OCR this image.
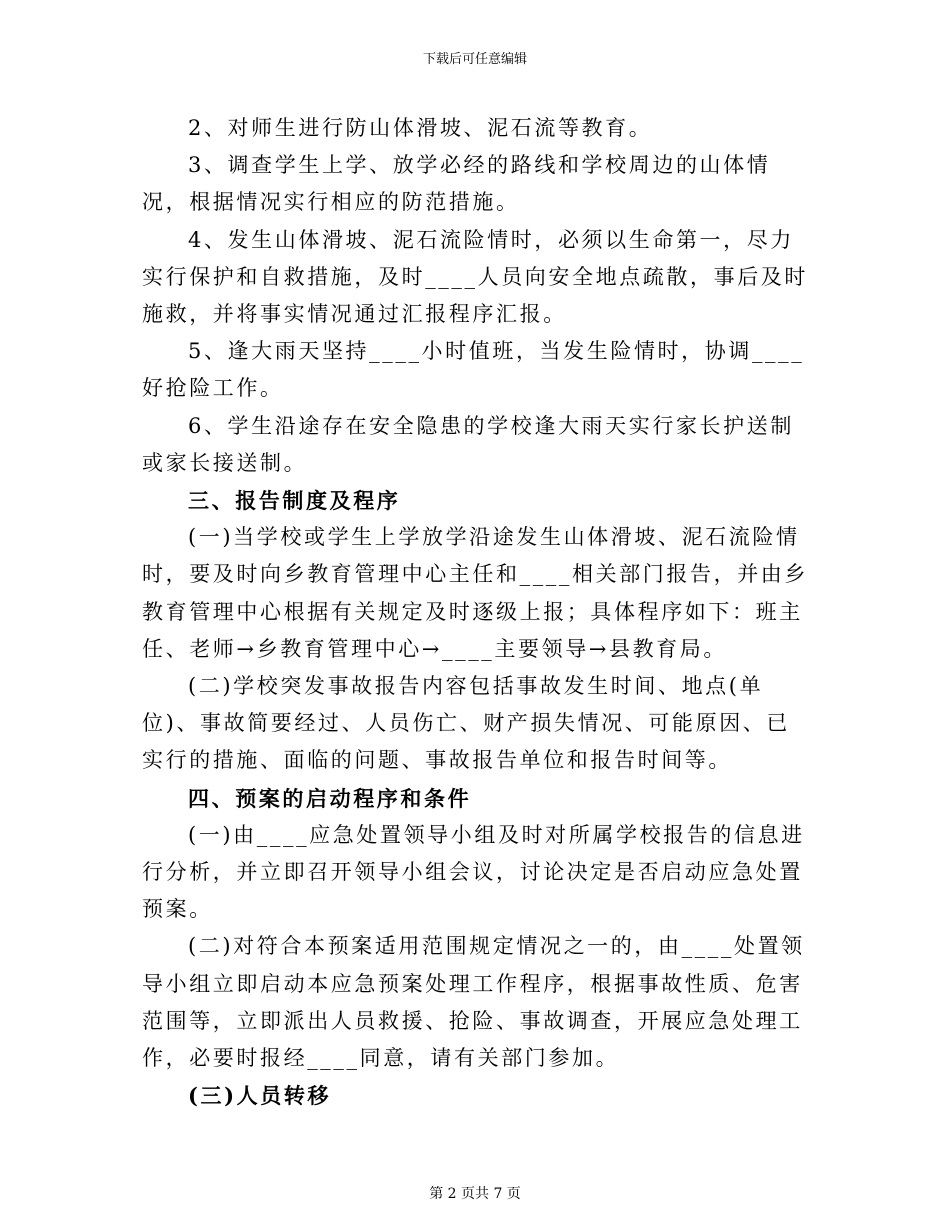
下载后可任意编辑

2、对师生进行防山体滑坡、泥石流等教育。

3、调查学生上学、放学必经的路线和学校周边的山体情况，根据情况实行相应的防范措施。

4、发生山体滑坡、泥石流险情时，必须以生命第一，尽力实行保护和自救措施，及时____人员向安全地点疏散，事后及时施救，并将事实情况通过汇报程序汇报。

5、逢大雨天坚持____小时值班，当发生险情时，协调____好抢险工作。

6、学生沿途存在安全隐患的学校逢大雨天实行家长护送制或家长接送制。

三、报告制度及程序

(一)当学校或学生上学放学沿途发生山体滑坡、泥石流险情时，要及时向乡教育管理中心主任和____相关部门报告，并由乡教育管理中心根据有关规定及时逐级上报；具体程序如下：班主任、老师→乡教育管理中心→____主要领导→县教育局。

(二)学校突发事故报告内容包括事故发生时间、地点(单位)、事故简要经过、人员伤亡、财产损失情况、可能原因、已实行的措施、面临的问题、事故报告单位和报告时间等。

四、预案的启动程序和条件

(一)由____应急处置领导小组及时对所属学校报告的信息进行分析，并立即召开领导小组会议，讨论决定是否启动应急处置预案。

(二)对符合本预案适用范围规定情况之一的，由____处置领导小组立即启动本应急预案处理工作程序，根据事故性质、危害范围等，立即派出人员救援、抢险、事故调查，开展应急处理工作，必要时报经____同意，请有关部门参加。

(三)人员转移

第 2 页共 7 页
